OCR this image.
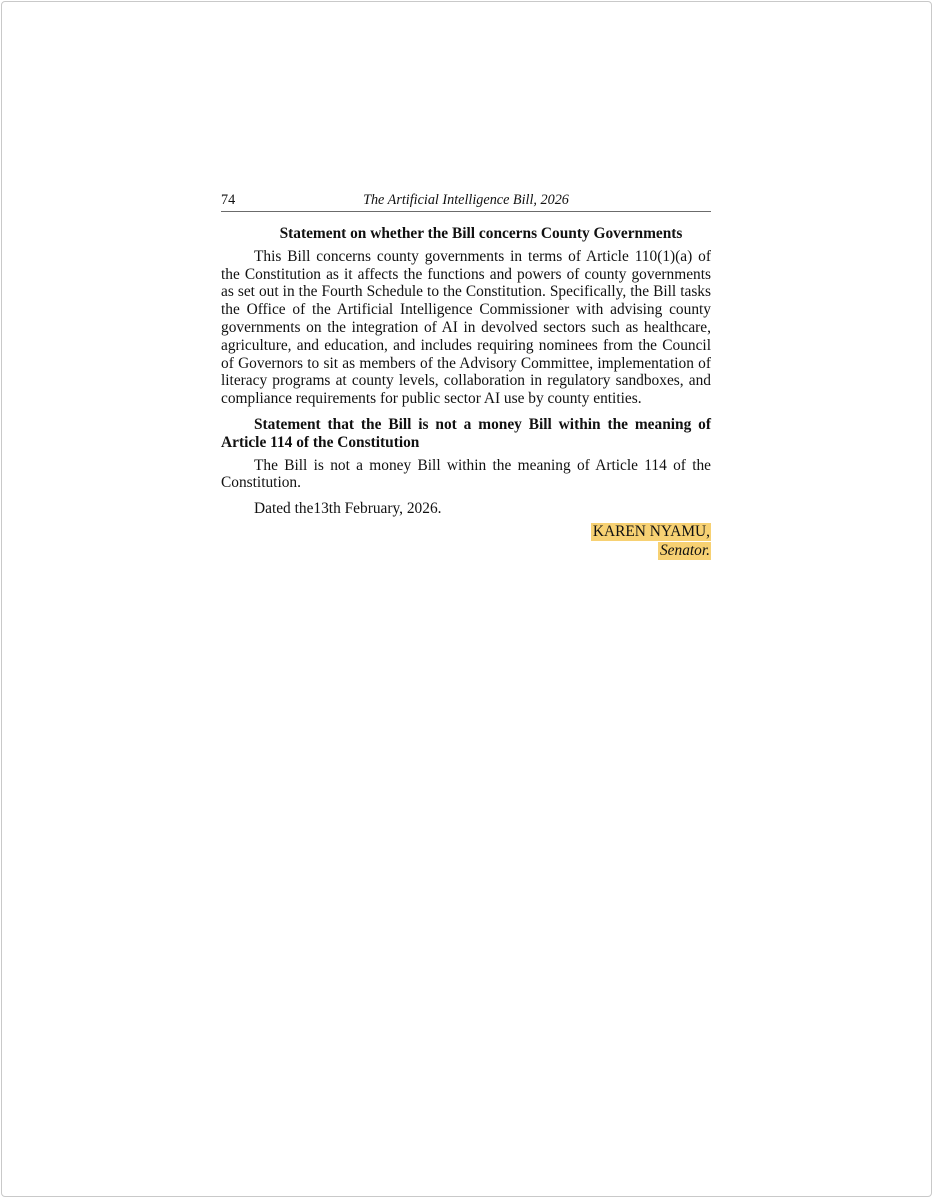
74	The Artificial Intelligence Bill, 2026
Statement on whether the Bill concerns County Governments

This Bill concerns county governments in terms of Article 110(1)(a) of the Constitution as it affects the functions and powers of county governments as set out in the Fourth Schedule to the Constitution. Specifically, the Bill tasks the Office of the Artificial Intelligence Commissioner with advising county governments on the integration of AI in devolved sectors such as healthcare, agriculture, and education, and includes requiring nominees from the Council of Governors to sit as members of the Advisory Committee, implementation of literacy programs at county levels, collaboration in regulatory sandboxes, and compliance requirements for public sector AI use by county entities.

Statement that the Bill is not a money Bill within the meaning of Article 114 of the Constitution

The Bill is not a money Bill within the meaning of Article 114 of the Constitution.

Dated the13th February, 2026.

KAREN NYAMU,
Senator.
